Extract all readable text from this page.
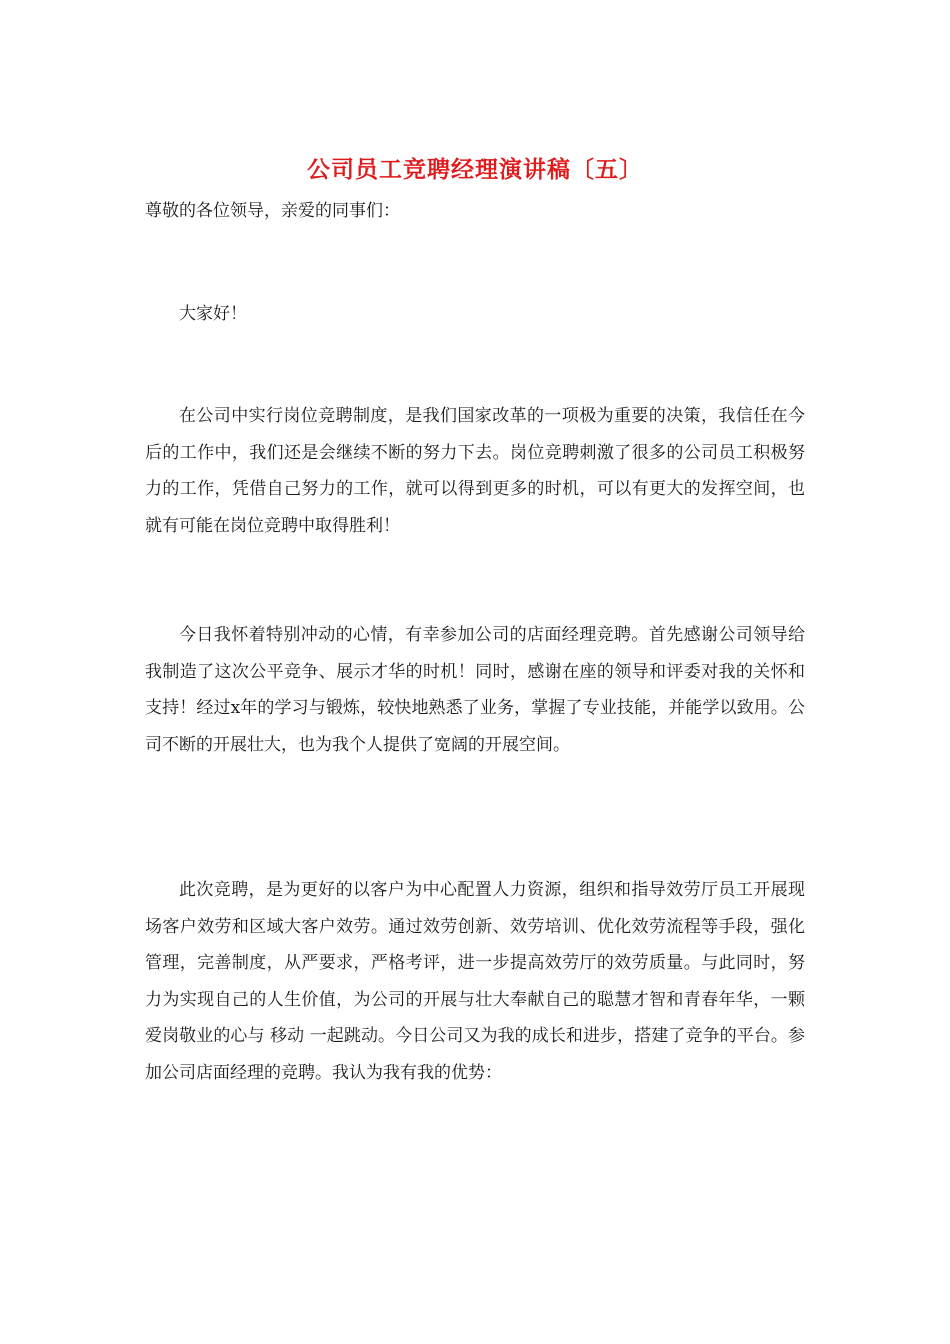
公司员工竞聘经理演讲稿〔五〕
尊敬的各位领导，亲爱的同事们：

大家好！

在公司中实行岗位竞聘制度，是我们国家改革的一项极为重要的决策，我信任在今后的工作中，我们还是会继续不断的努力下去。岗位竞聘刺激了很多的公司员工积极努力的工作，凭借自己努力的工作，就可以得到更多的时机，可以有更大的发挥空间，也就有可能在岗位竞聘中取得胜利！

今日我怀着特别冲动的心情，有幸参加公司的店面经理竞聘。首先感谢公司领导给我制造了这次公平竞争、展示才华的时机！同时，感谢在座的领导和评委对我的关怀和支持！经过x年的学习与锻炼，较快地熟悉了业务，掌握了专业技能，并能学以致用。公司不断的开展壮大，也为我个人提供了宽阔的开展空间。

此次竞聘，是为更好的以客户为中心配置人力资源，组织和指导效劳厅员工开展现场客户效劳和区域大客户效劳。通过效劳创新、效劳培训、优化效劳流程等手段，强化管理，完善制度，从严要求，严格考评，进一步提高效劳厅的效劳质量。与此同时，努力为实现自己的人生价值，为公司的开展与壮大奉献自己的聪慧才智和青春年华，一颗爱岗敬业的心与 移动 一起跳动。今日公司又为我的成长和进步，搭建了竞争的平台。参加公司店面经理的竞聘。我认为我有我的优势：
